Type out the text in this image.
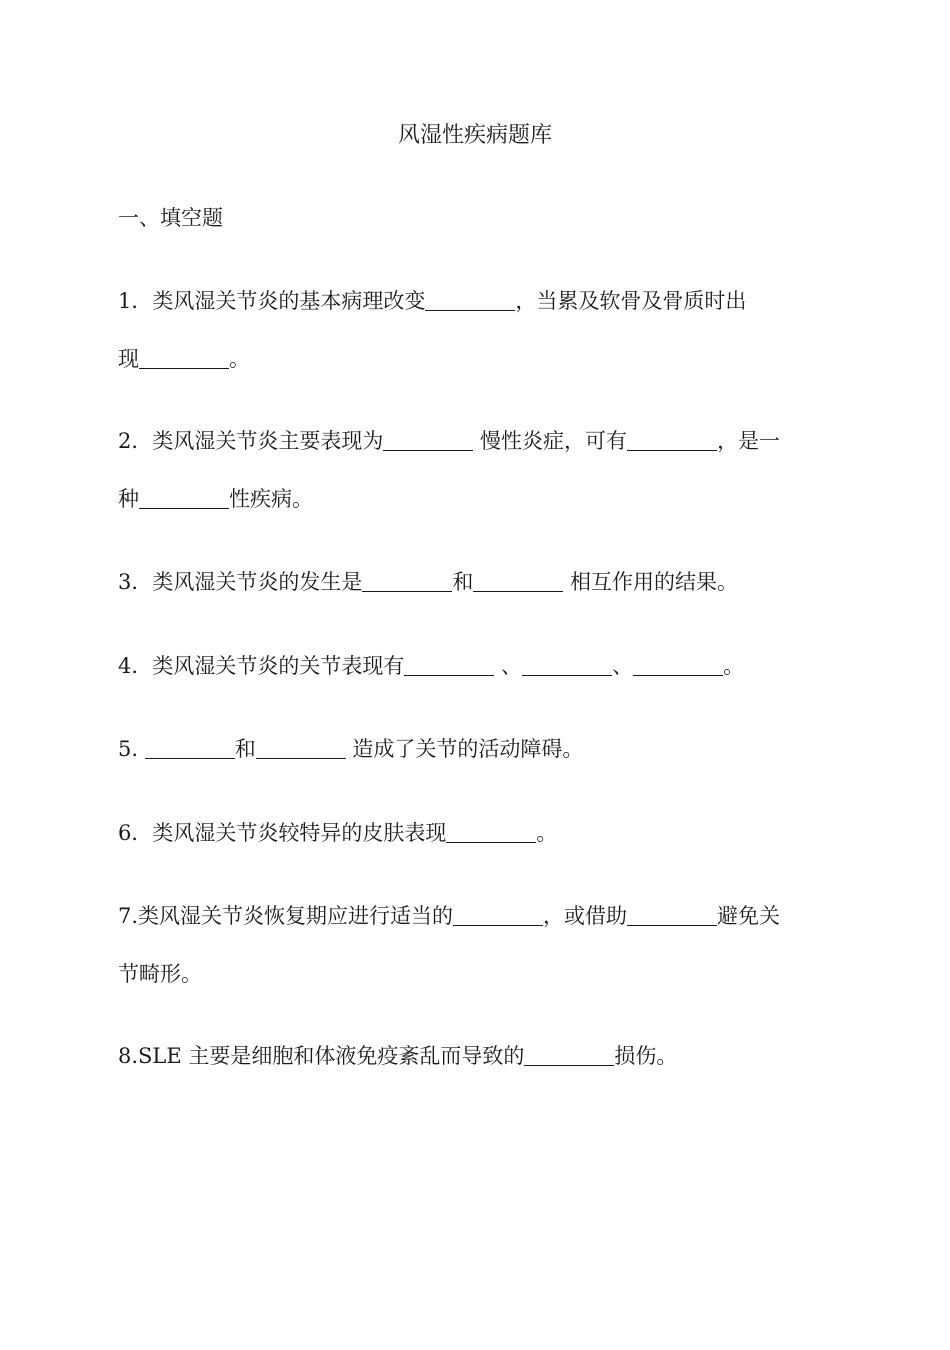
风湿性疾病题库
一、填空题
1．类风湿关节炎的基本病理改变	，当累及软骨及骨质时出
现	。
2．类风湿关节炎主要表现为	慢性炎症，可有	，是一
种	性疾病。
3．类风湿关节炎的发生是	和	相互作用的结果。
4．类风湿关节炎的关节表现有	、	、	。
5.	和	造成了关节的活动障碍。
6．类风湿关节炎较特异的皮肤表现	。
7.类风湿关节炎恢复期应进行适当的	，或借助	避免关
节畸形。
8.SLE 主要是细胞和体液免疫紊乱而导致的	损伤。
